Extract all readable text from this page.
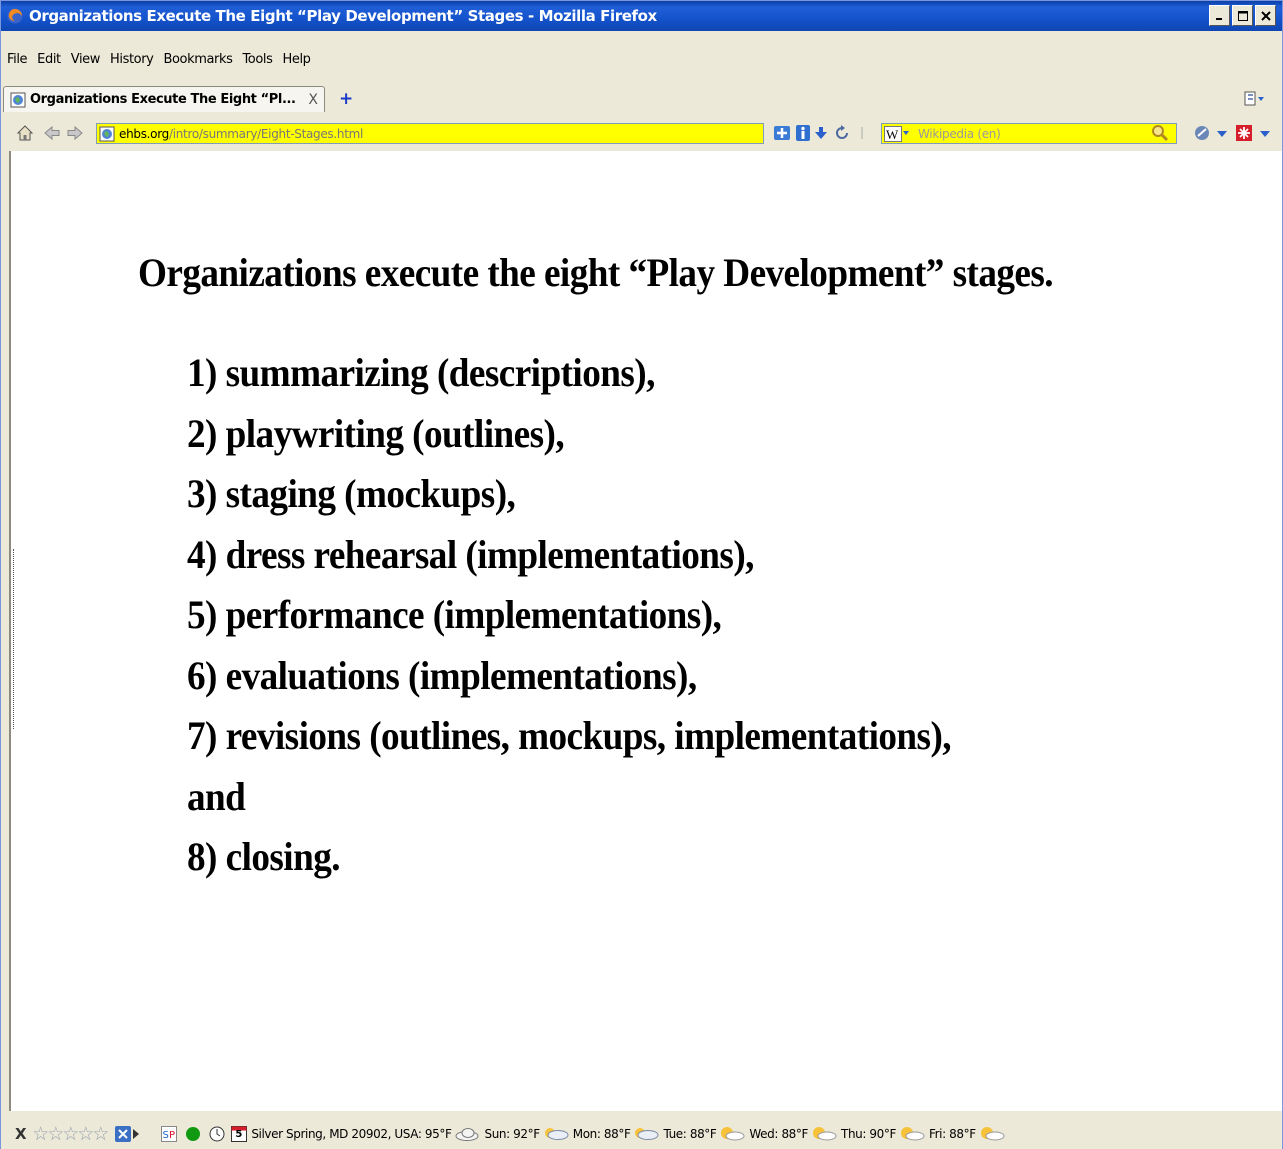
Organizations Execute The Eight “Play Development” Stages - Mozilla Firefox
File Edit View History Bookmarks Tools Help
Organizations Execute The Eight “Pl... X +
ehbs.org /intro/summary/Eight-Stages.html	W Wikipedia (en)
Organizations execute the eight “Play Development” stages.
1) summarizing (descriptions),
2) playwriting (outlines),
3) staging (mockups),
4) dress rehearsal (implementations),
5) performance (implementations),
6) evaluations (implementations),
7) revisions (outlines, mockups, implementations),
and
8) closing.
X ☆☆☆☆☆	S P	5 Silver Spring, MD 20902, USA: 95°F	Sun: 92°F	Mon: 88°F	Tue: 88°F	Wed: 88°F	Thu: 90°F	Fri: 88°F
